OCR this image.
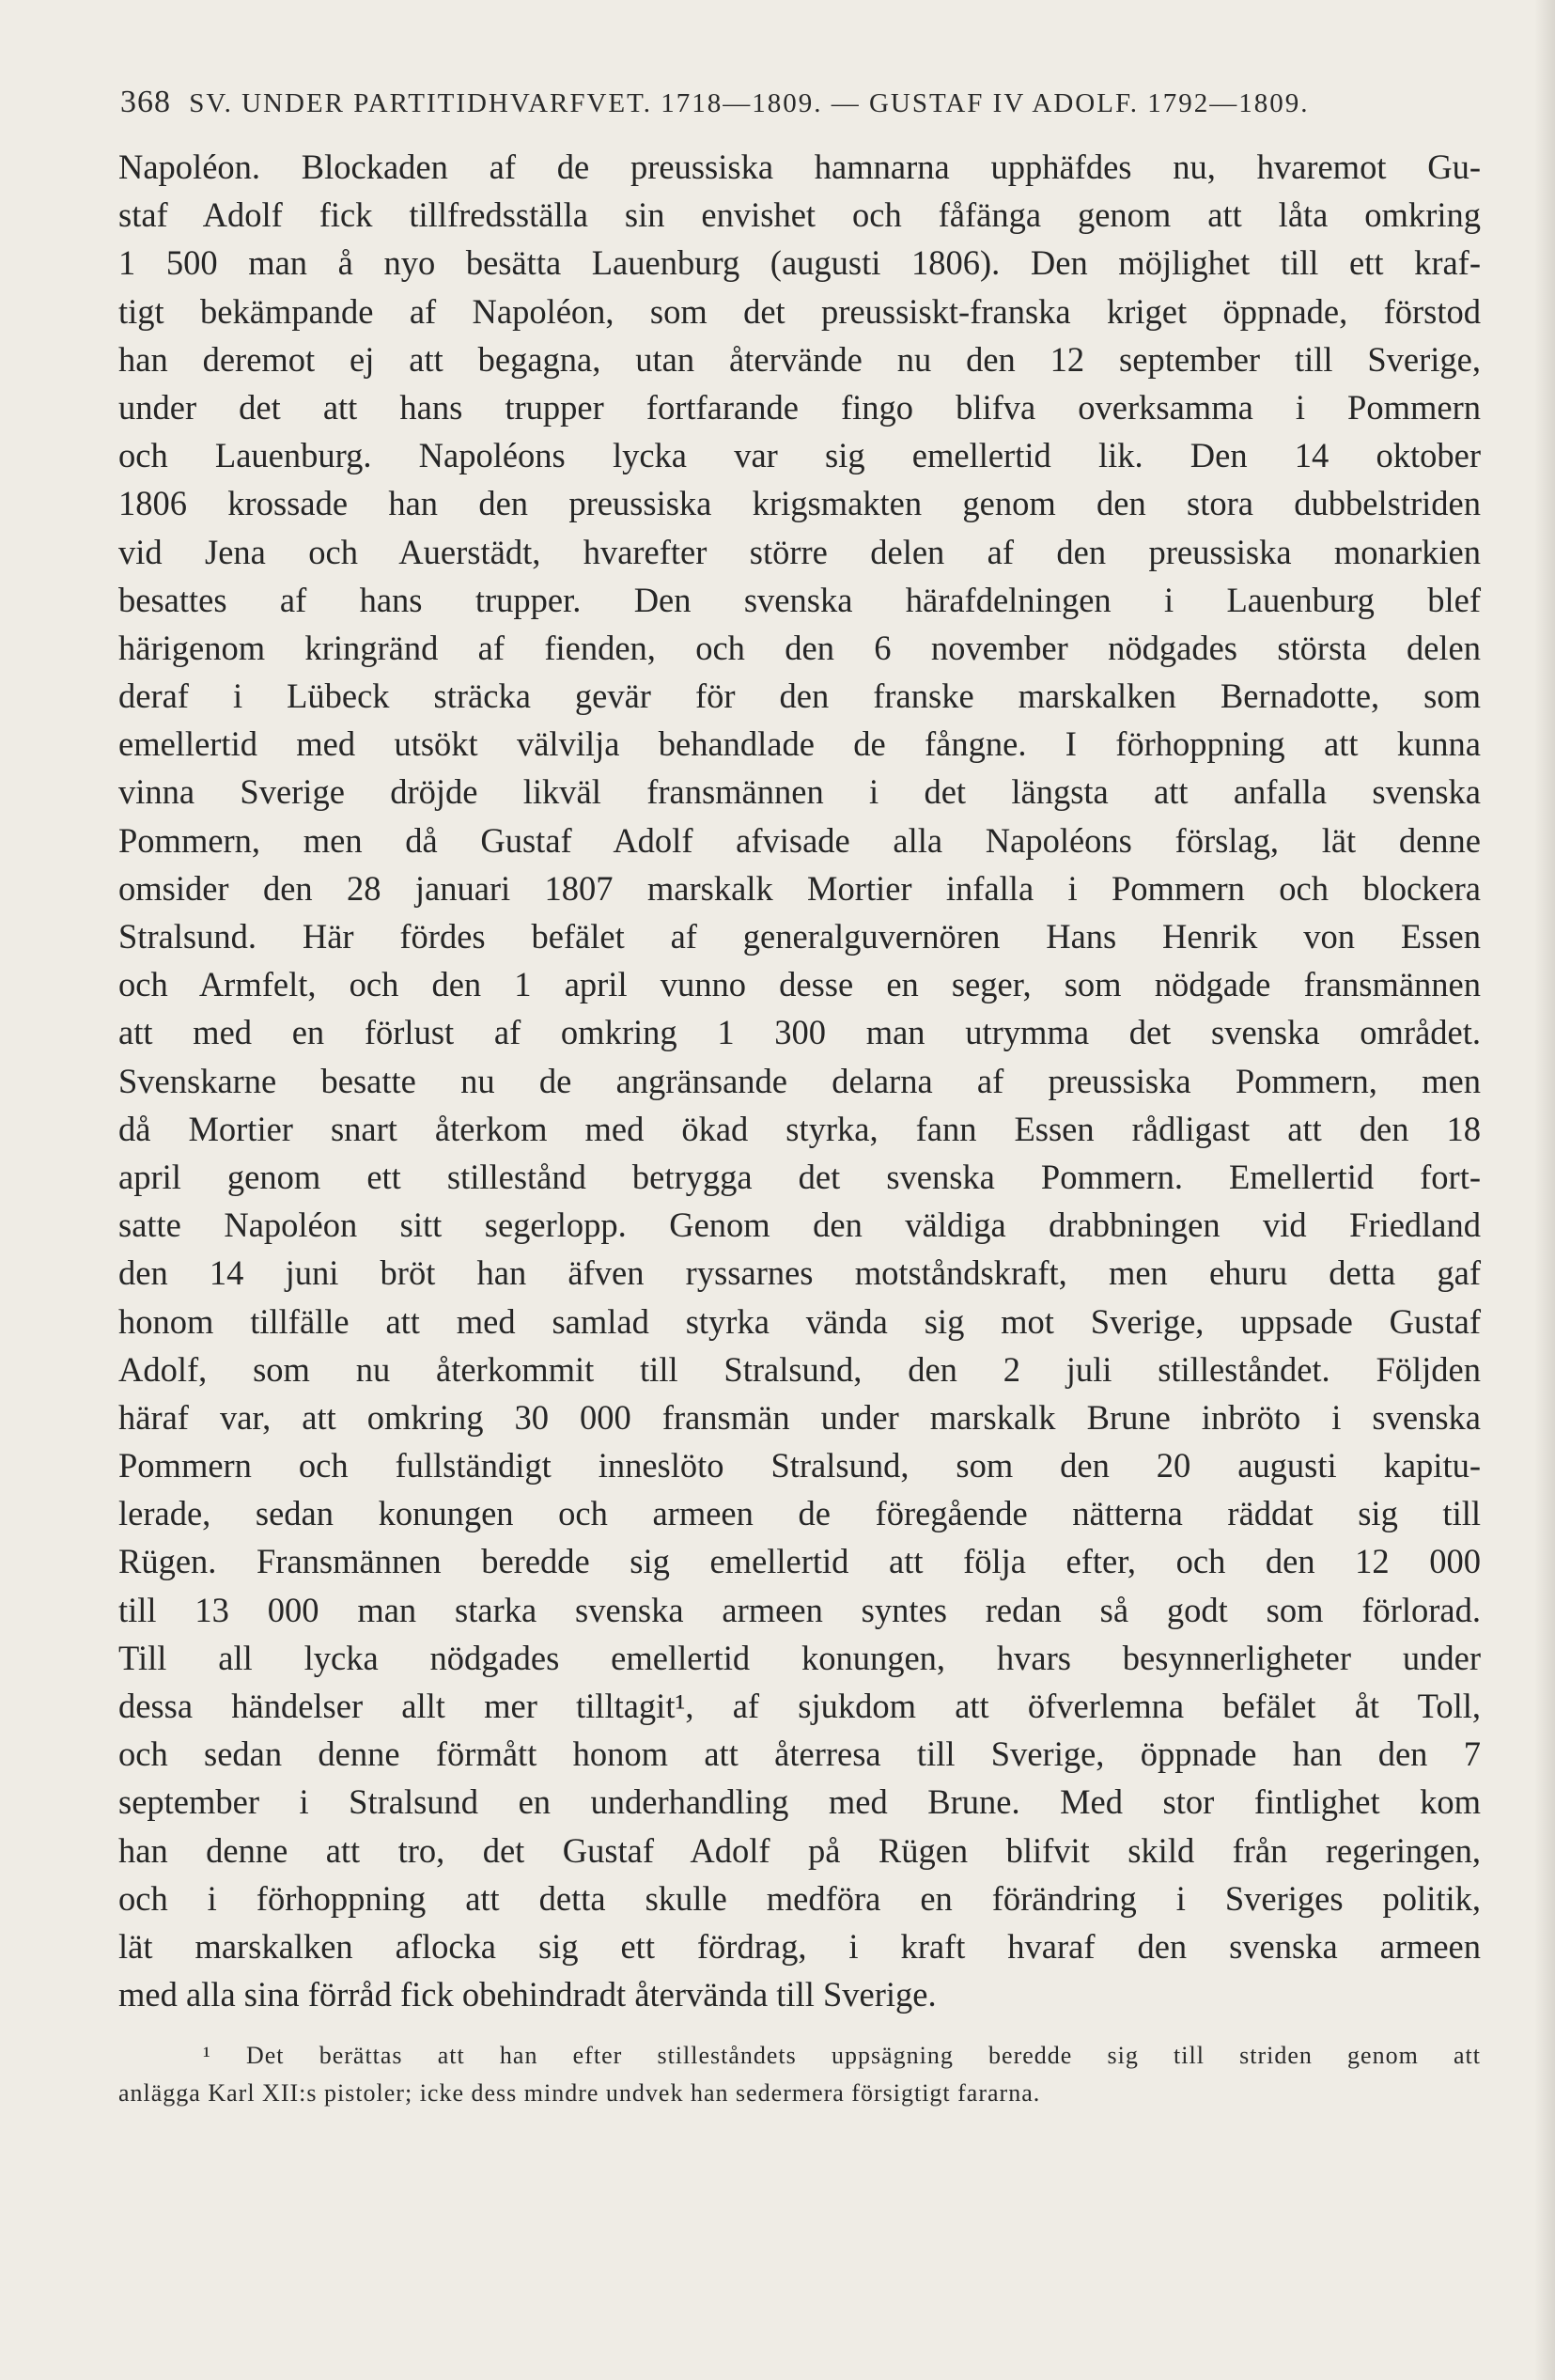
368 SV. UNDER PARTITIDHVARFVET. 1718—1809. — GUSTAF IV ADOLF. 1792—1809.
Napoléon. Blockaden af de preussiska hamnarna upphäfdes nu, hvaremot Gu-
staf Adolf fick tillfredsställa sin envishet och fåfänga genom att låta omkring
1 500 man å nyo besätta Lauenburg (augusti 1806). Den möjlighet till ett kraf-
tigt bekämpande af Napoléon, som det preussiskt-franska kriget öppnade, förstod
han deremot ej att begagna, utan återvände nu den 12 september till Sverige,
under det att hans trupper fortfarande fingo blifva overksamma i Pommern
och Lauenburg. Napoléons lycka var sig emellertid lik. Den 14 oktober
1806 krossade han den preussiska krigsmakten genom den stora dubbelstriden
vid Jena och Auerstädt, hvarefter större delen af den preussiska monarkien
besattes af hans trupper. Den svenska härafdelningen i Lauenburg blef
härigenom kringränd af fienden, och den 6 november nödgades största delen
deraf i Lübeck sträcka gevär för den franske marskalken Bernadotte, som
emellertid med utsökt välvilja behandlade de fångne. I förhoppning att kunna
vinna Sverige dröjde likväl fransmännen i det längsta att anfalla svenska
Pommern, men då Gustaf Adolf afvisade alla Napoléons förslag, lät denne
omsider den 28 januari 1807 marskalk Mortier infalla i Pommern och blockera
Stralsund. Här fördes befälet af generalguvernören Hans Henrik von Essen
och Armfelt, och den 1 april vunno desse en seger, som nödgade fransmännen
att med en förlust af omkring 1 300 man utrymma det svenska området.
Svenskarne besatte nu de angränsande delarna af preussiska Pommern, men
då Mortier snart återkom med ökad styrka, fann Essen rådligast att den 18
april genom ett stillestånd betrygga det svenska Pommern. Emellertid fort-
satte Napoléon sitt segerlopp. Genom den väldiga drabbningen vid Friedland
den 14 juni bröt han äfven ryssarnes motståndskraft, men ehuru detta gaf
honom tillfälle att med samlad styrka vända sig mot Sverige, uppsade Gustaf
Adolf, som nu återkommit till Stralsund, den 2 juli stilleståndet. Följden
häraf var, att omkring 30 000 fransmän under marskalk Brune inbröto i svenska
Pommern och fullständigt inneslöto Stralsund, som den 20 augusti kapitu-
lerade, sedan konungen och armeen de föregående nätterna räddat sig till
Rügen. Fransmännen beredde sig emellertid att följa efter, och den 12 000
till 13 000 man starka svenska armeen syntes redan så godt som förlorad.
Till all lycka nödgades emellertid konungen, hvars besynnerligheter under
dessa händelser allt mer tilltagit¹, af sjukdom att öfverlemna befälet åt Toll,
och sedan denne förmått honom att återresa till Sverige, öppnade han den 7
september i Stralsund en underhandling med Brune. Med stor fintlighet kom
han denne att tro, det Gustaf Adolf på Rügen blifvit skild från regeringen,
och i förhoppning att detta skulle medföra en förändring i Sveriges politik,
lät marskalken aflocka sig ett fördrag, i kraft hvaraf den svenska armeen
med alla sina förråd fick obehindradt återvända till Sverige.
¹ Det berättas att han efter stilleståndets uppsägning beredde sig till striden genom att
anlägga Karl XII:s pistoler; icke dess mindre undvek han sedermera försigtigt fararna.
